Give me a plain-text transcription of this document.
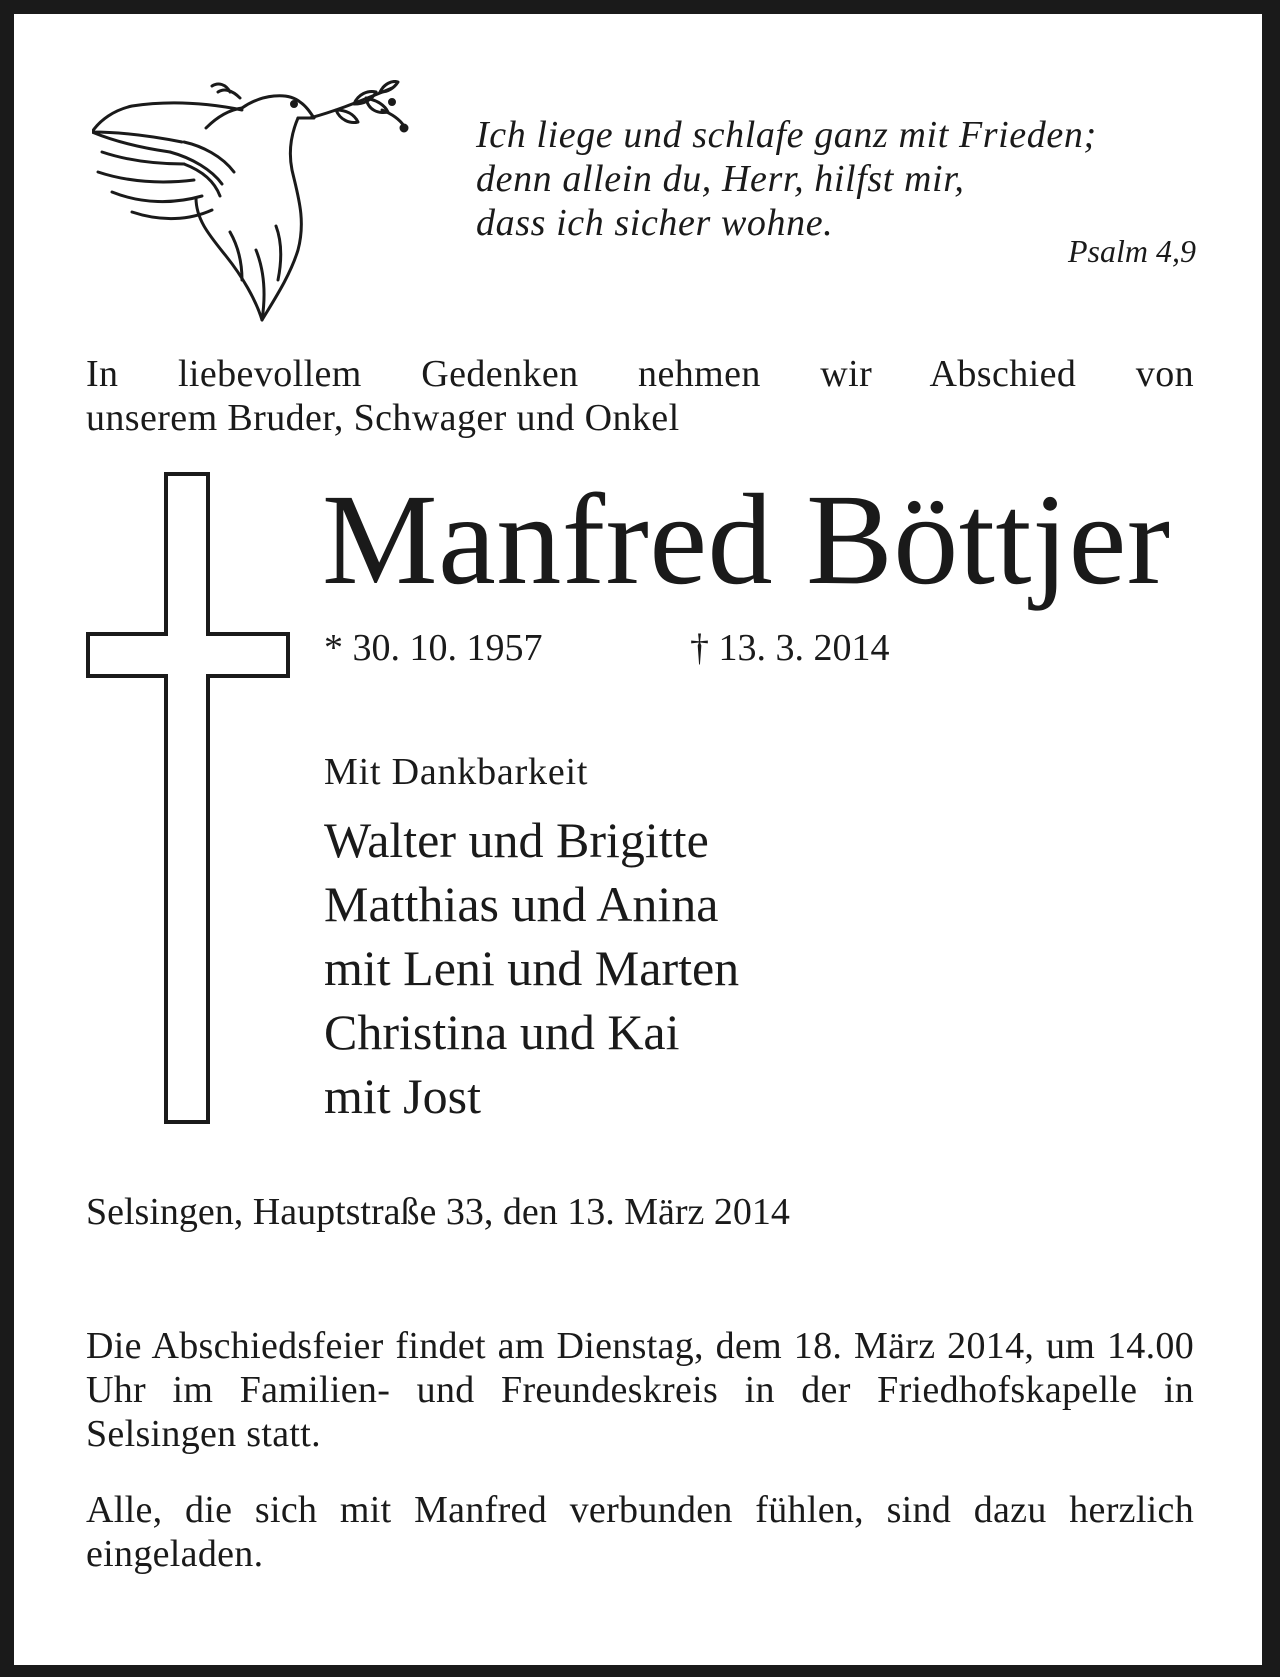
Ich liege und schlafe ganz mit Frieden;
denn allein du, Herr, hilfst mir,
dass ich sicher wohne.
Psalm 4,9
In liebevollem Gedenken nehmen wir Abschied von
unserem Bruder, Schwager und Onkel
Manfred Böttjer
* 30. 10. 1957	† 13. 3. 2014
Mit Dankbarkeit
Walter und Brigitte
Matthias und Anina
mit Leni und Marten
Christina und Kai
mit Jost
Selsingen, Hauptstraße 33, den 13. März 2014
Die Abschiedsfeier findet am Dienstag, dem 18. März 2014, um 14.00 Uhr im Familien- und Freundeskreis in der Friedhofskapelle in Selsingen statt.
Alle, die sich mit Manfred verbunden fühlen, sind dazu herzlich eingeladen.
